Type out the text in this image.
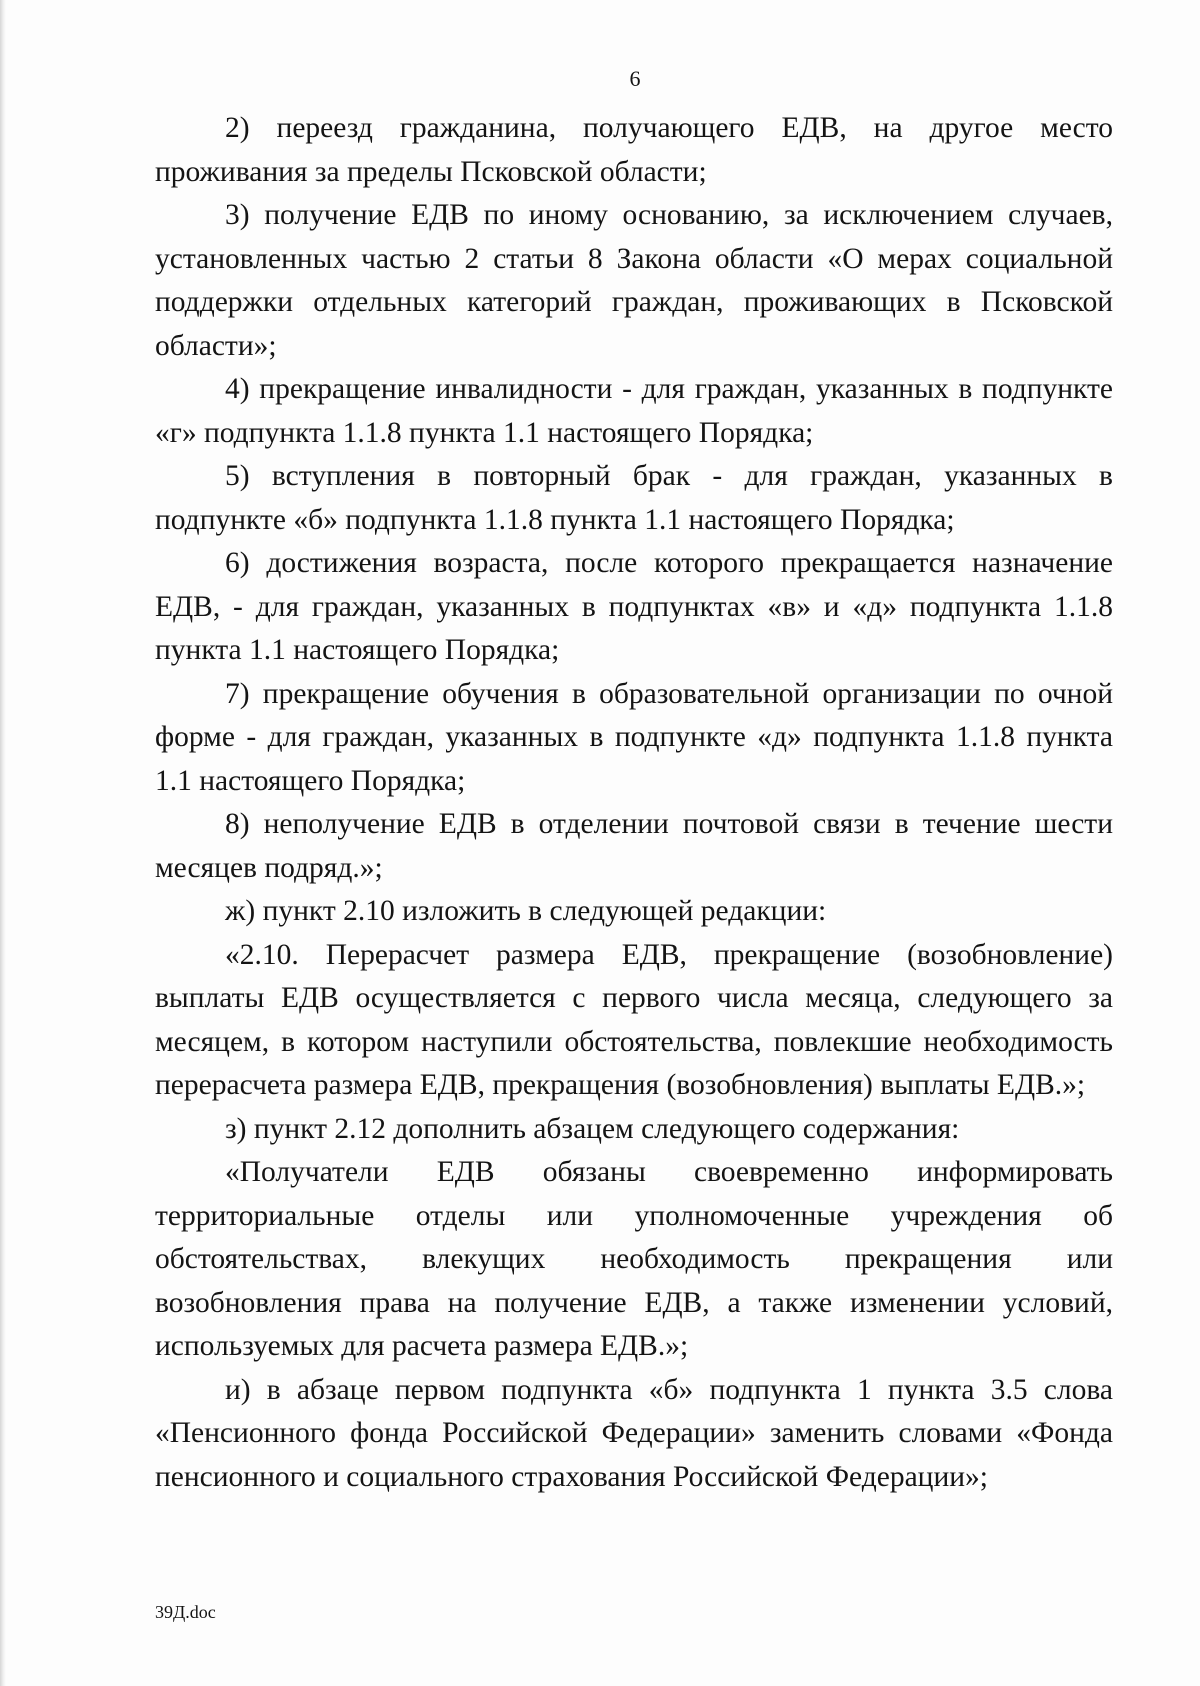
6

2) переезд гражданина, получающего ЕДВ, на другое место проживания за пределы Псковской области;

3) получение ЕДВ по иному основанию, за исключением случаев, установленных частью 2 статьи 8 Закона области «О мерах социальной поддержки отдельных категорий граждан, проживающих в Псковской области»;

4) прекращение инвалидности - для граждан, указанных в подпункте «г» подпункта 1.1.8 пункта 1.1 настоящего Порядка;

5) вступления в повторный брак - для граждан, указанных в подпункте «б» подпункта 1.1.8 пункта 1.1 настоящего Порядка;

6) достижения возраста, после которого прекращается назначение ЕДВ, - для граждан, указанных в подпунктах «в» и «д» подпункта 1.1.8 пункта 1.1 настоящего Порядка;

7) прекращение обучения в образовательной организации по очной форме - для граждан, указанных в подпункте «д» подпункта 1.1.8 пункта 1.1 настоящего Порядка;

8) неполучение ЕДВ в отделении почтовой связи в течение шести месяцев подряд.»;

ж) пункт 2.10 изложить в следующей редакции:

«2.10. Перерасчет размера ЕДВ, прекращение (возобновление) выплаты ЕДВ осуществляется с первого числа месяца, следующего за месяцем, в котором наступили обстоятельства, повлекшие необходимость перерасчета размера ЕДВ, прекращения (возобновления) выплаты ЕДВ.»;

з) пункт 2.12 дополнить абзацем следующего содержания:

«Получатели ЕДВ обязаны своевременно информировать территориальные отделы или уполномоченные учреждения об обстоятельствах, влекущих необходимость прекращения или возобновления права на получение ЕДВ, а также изменении условий, используемых для расчета размера ЕДВ.»;

и) в абзаце первом подпункта «б» подпункта 1 пункта 3.5 слова «Пенсионного фонда Российской Федерации» заменить словами «Фонда пенсионного и социального страхования Российской Федерации»;

39Д.doc
